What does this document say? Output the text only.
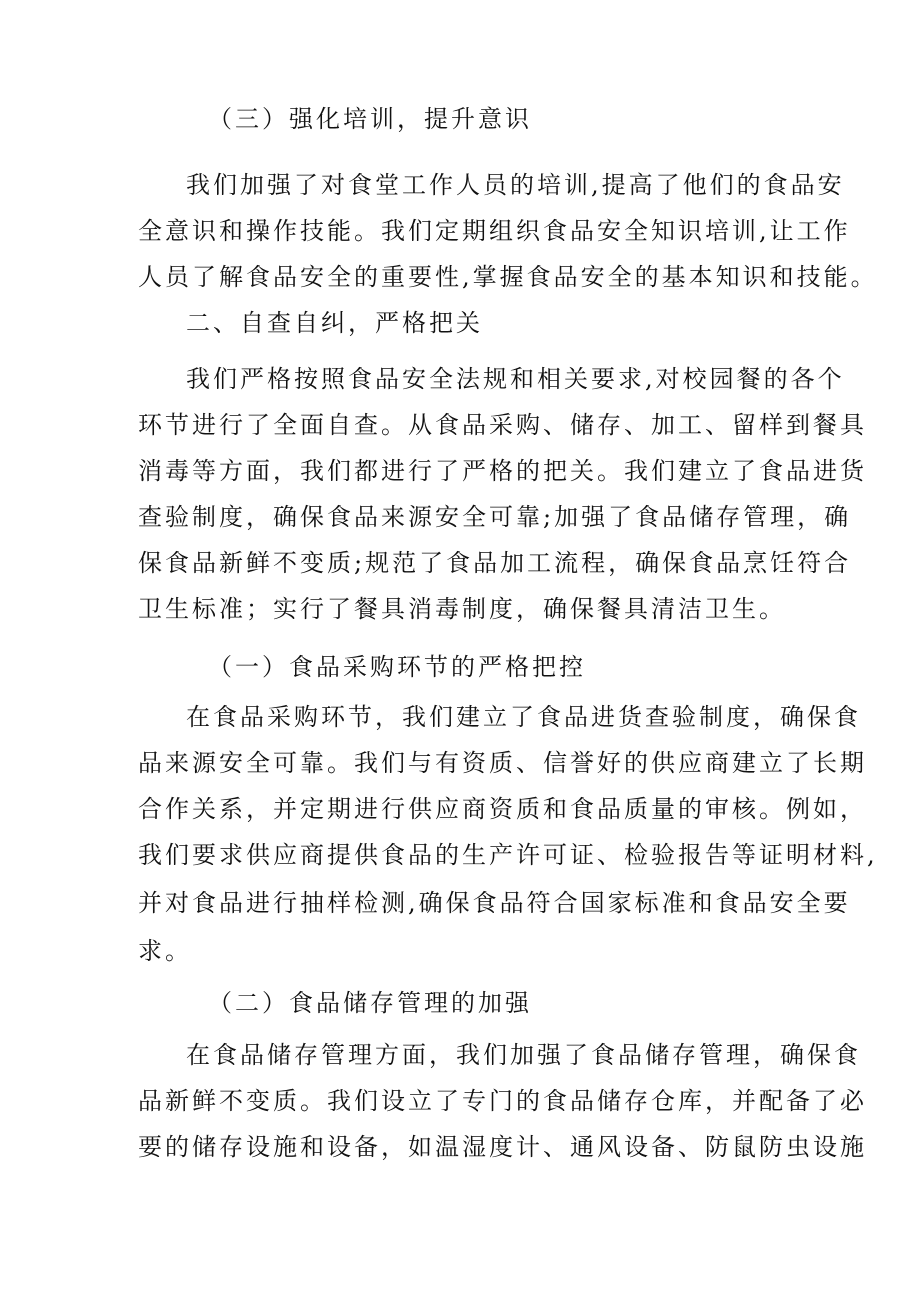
（三）强化培训，提升意识
我们加强了对食堂工作人员的培训,提高了他们的食品安
全意识和操作技能。我们定期组织食品安全知识培训,让工作
人员了解食品安全的重要性,掌握食品安全的基本知识和技能。
二、自查自纠，严格把关
我们严格按照食品安全法规和相关要求,对校园餐的各个
环节进行了全面自查。从食品采购、储存、加工、留样到餐具
消毒等方面，我们都进行了严格的把关。我们建立了食品进货
查验制度，确保食品来源安全可靠;加强了食品储存管理，确
保食品新鲜不变质;规范了食品加工流程，确保食品烹饪符合
卫生标准；实行了餐具消毒制度，确保餐具清洁卫生。
（一）食品采购环节的严格把控
在食品采购环节，我们建立了食品进货查验制度，确保食
品来源安全可靠。我们与有资质、信誉好的供应商建立了长期
合作关系，并定期进行供应商资质和食品质量的审核。例如，
我们要求供应商提供食品的生产许可证、检验报告等证明材料,
并对食品进行抽样检测,确保食品符合国家标准和食品安全要
求。
（二）食品储存管理的加强
在食品储存管理方面，我们加强了食品储存管理，确保食
品新鲜不变质。我们设立了专门的食品储存仓库，并配备了必
要的储存设施和设备，如温湿度计、通风设备、防鼠防虫设施
